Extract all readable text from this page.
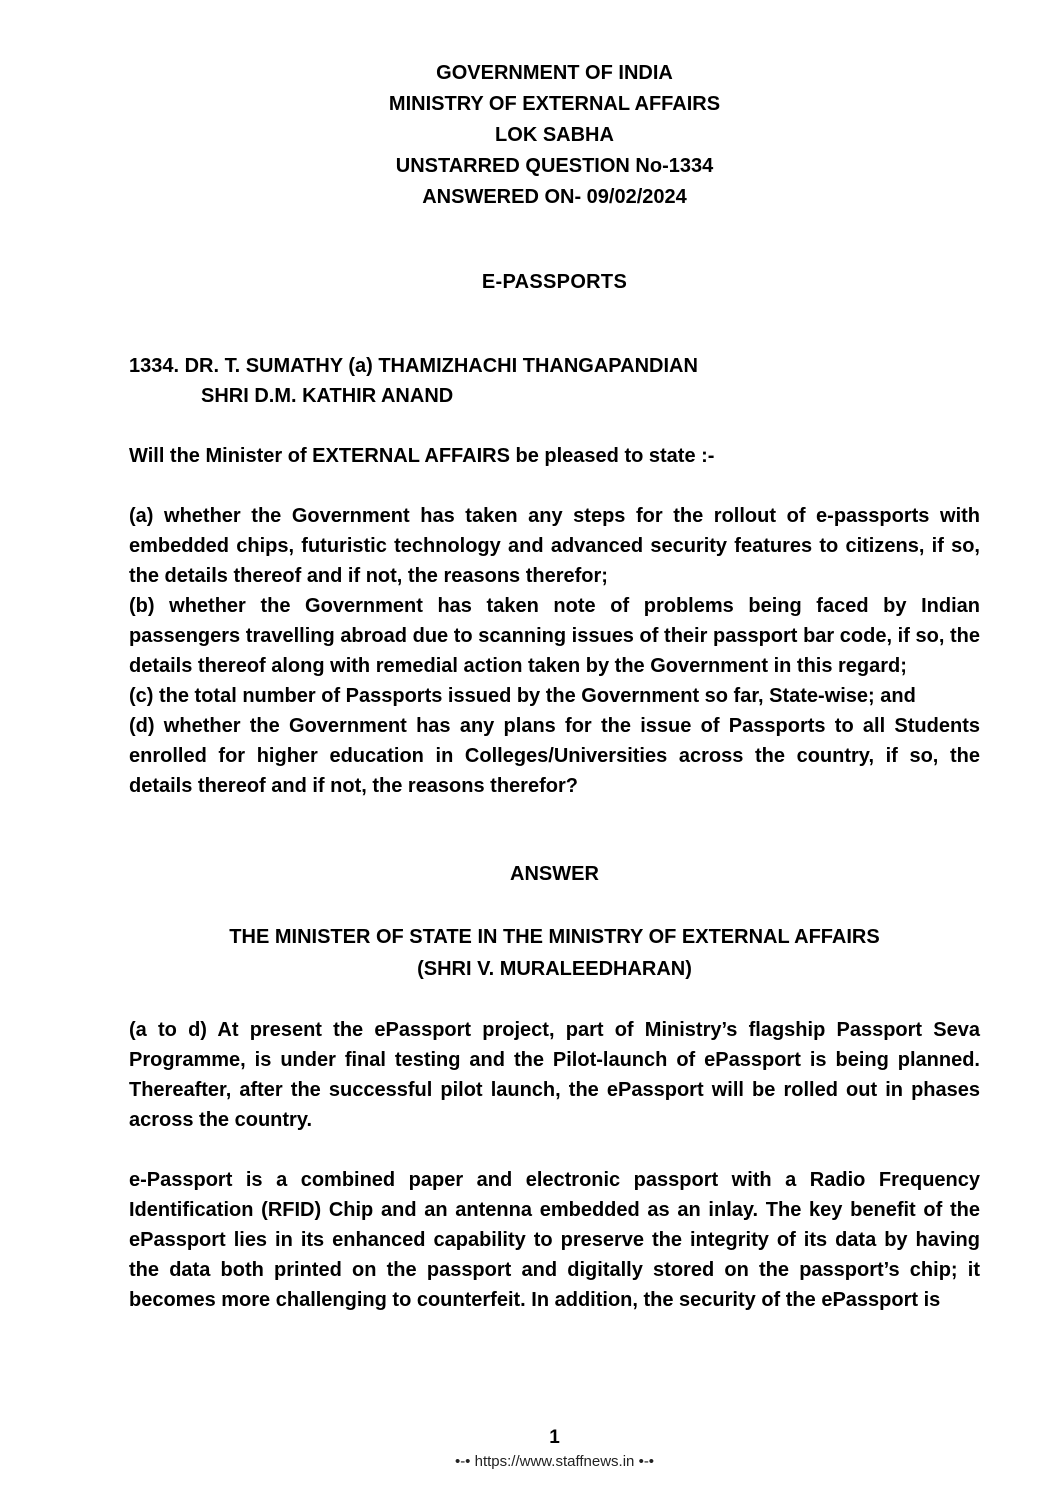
GOVERNMENT OF INDIA
MINISTRY OF EXTERNAL AFFAIRS
LOK SABHA
UNSTARRED QUESTION No-1334
ANSWERED ON- 09/02/2024
E-PASSPORTS
1334. DR. T. SUMATHY (a) THAMIZHACHI THANGAPANDIAN
SHRI D.M. KATHIR ANAND

Will the Minister of EXTERNAL AFFAIRS be pleased to state :-

(a) whether the Government has taken any steps for the rollout of e-passports with embedded chips, futuristic technology and advanced security features to citizens, if so, the details thereof and if not, the reasons therefor;

(b) whether the Government has taken note of problems being faced by Indian passengers travelling abroad due to scanning issues of their passport bar code, if so, the details thereof along with remedial action taken by the Government in this regard;

(c) the total number of Passports issued by the Government so far, State-wise; and

(d) whether the Government has any plans for the issue of Passports to all Students enrolled for higher education in Colleges/Universities across the country, if so, the details thereof and if not, the reasons therefor?

ANSWER
THE MINISTER OF STATE IN THE MINISTRY OF EXTERNAL AFFAIRS
(SHRI V. MURALEEDHARAN)

(a to d) At present the ePassport project, part of Ministry’s flagship Passport Seva Programme, is under final testing and the Pilot-launch of ePassport is being planned. Thereafter, after the successful pilot launch, the ePassport will be rolled out in phases across the country.

e-Passport is a combined paper and electronic passport with a Radio Frequency Identification (RFID) Chip and an antenna embedded as an inlay. The key benefit of the ePassport lies in its enhanced capability to preserve the integrity of its data by having the data both printed on the passport and digitally stored on the passport’s chip; it becomes more challenging to counterfeit. In addition, the security of the ePassport is

1
•-• https://www.staffnews.in •-•
